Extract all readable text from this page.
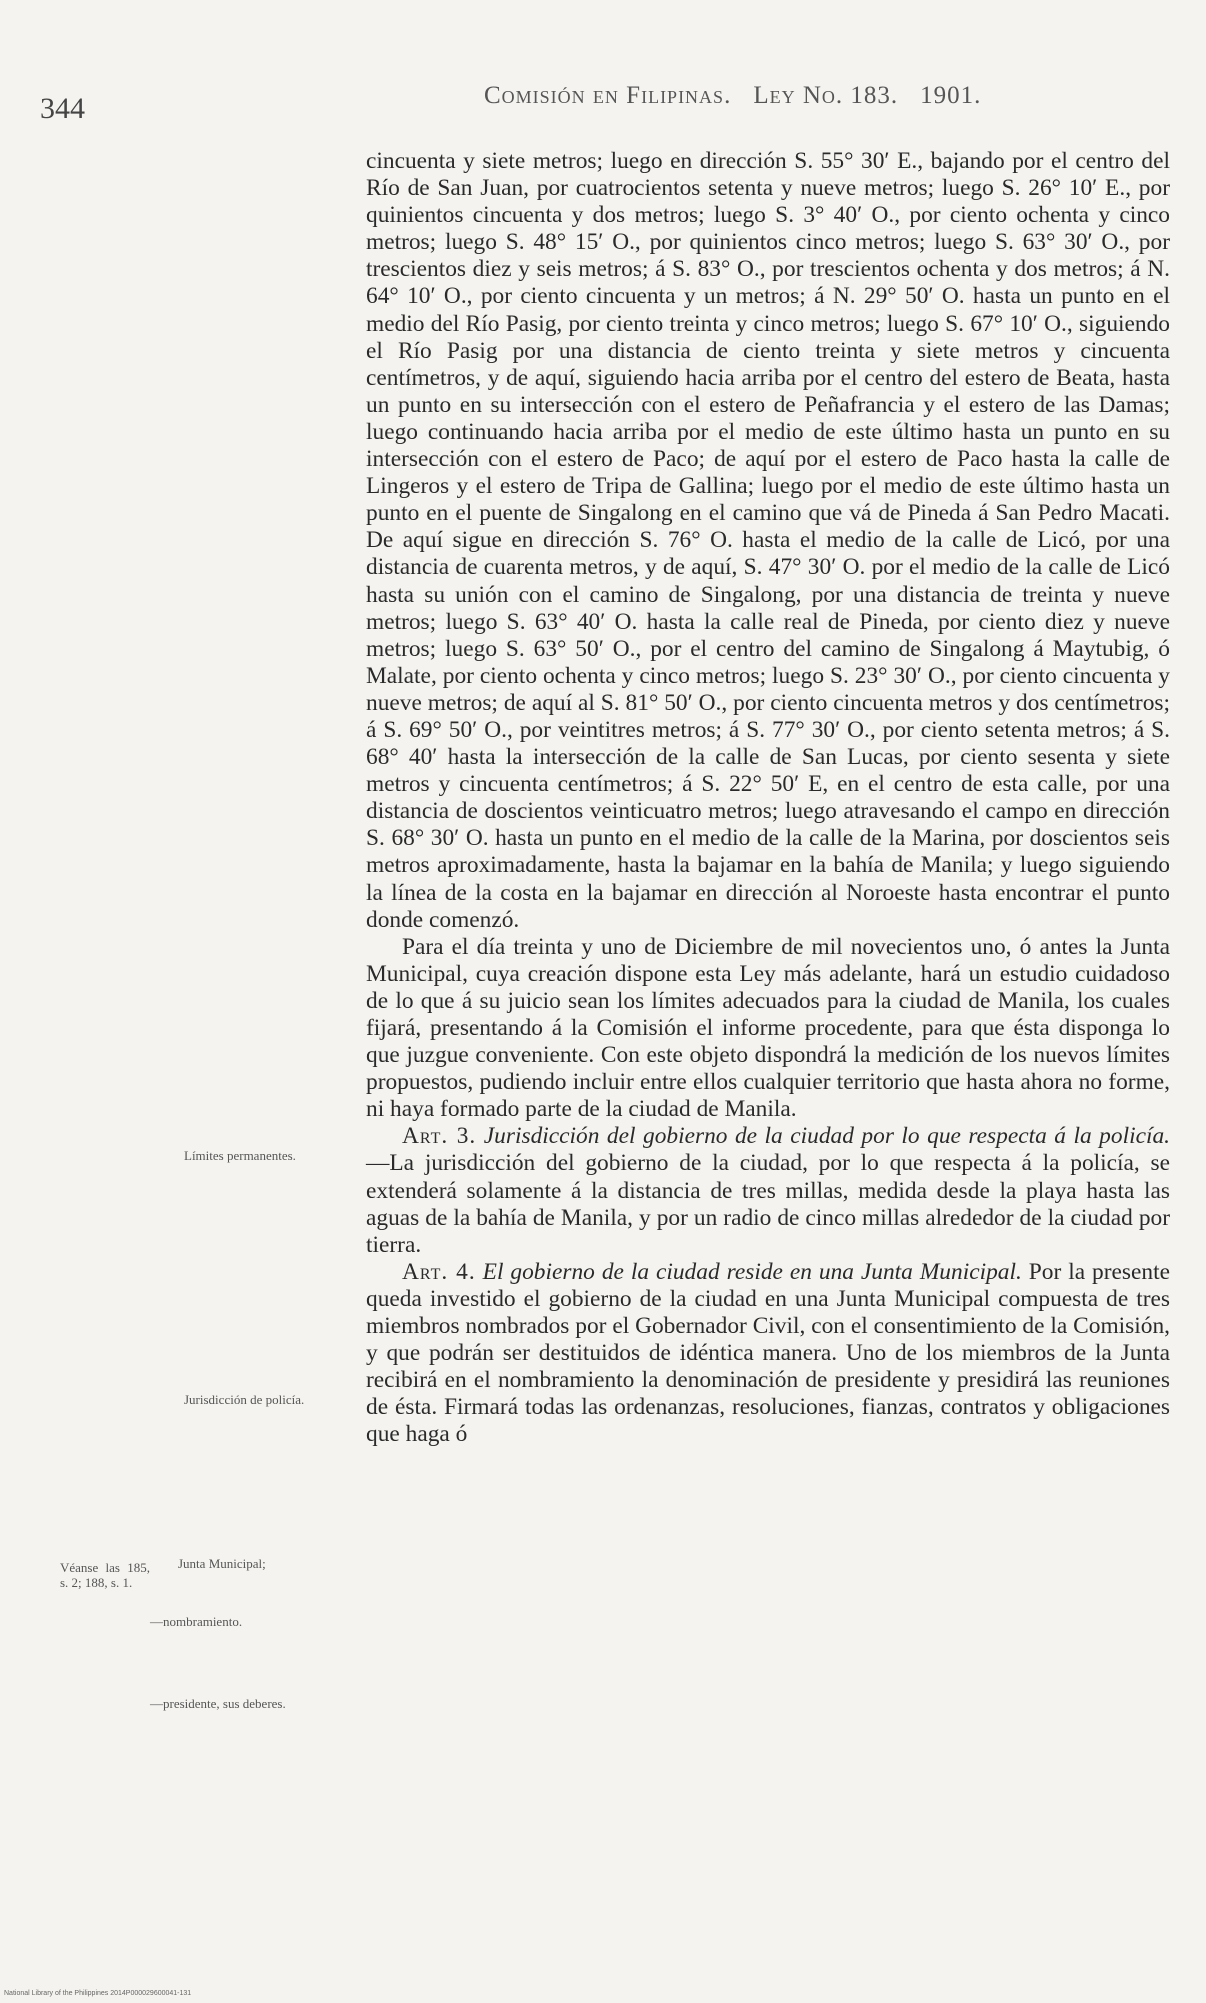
344	Comisión en Filipinas. Ley No. 183. 1901.

cincuenta y siete metros; luego en dirección S. 55° 30′ E., bajando por el centro del Río de San Juan, por cuatrocientos setenta y nueve metros; luego S. 26° 10′ E., por quinientos cincuenta y dos metros; luego S. 3° 40′ O., por ciento ochenta y cinco metros; luego S. 48° 15′ O., por quinientos cinco metros; luego S. 63° 30′ O., por trescientos diez y seis metros; á S. 83° O., por trescientos ochenta y dos metros; á N. 64° 10′ O., por ciento cincuenta y un metros; á N. 29° 50′ O. hasta un punto en el medio del Río Pasig, por ciento treinta y cinco metros; luego S. 67° 10′ O., siguiendo el Río Pasig por una distancia de ciento treinta y siete metros y cincuenta centímetros, y de aquí, siguiendo hacia arriba por el centro del estero de Beata, hasta un punto en su intersección con el estero de Peñafrancia y el estero de las Damas; luego continuando hacia arriba por el medio de este último hasta un punto en su intersección con el estero de Paco; de aquí por el estero de Paco hasta la calle de Lingeros y el estero de Tripa de Gallina; luego por el medio de este último hasta un punto en el puente de Singalong en el camino que vá de Pineda á San Pedro Macati. De aquí sigue en dirección S. 76° O. hasta el medio de la calle de Licó, por una distancia de cuarenta metros, y de aquí, S. 47° 30′ O. por el medio de la calle de Licó hasta su unión con el camino de Singalong, por una distancia de treinta y nueve metros; luego S. 63° 40′ O. hasta la calle real de Pineda, por ciento diez y nueve metros; luego S. 63° 50′ O., por el centro del camino de Singalong á Maytubig, ó Malate, por ciento ochenta y cinco metros; luego S. 23° 30′ O., por ciento cincuenta y nueve metros; de aquí al S. 81° 50′ O., por ciento cincuenta metros y dos centímetros; á S. 69° 50′ O., por veintitres metros; á S. 77° 30′ O., por ciento setenta metros; á S. 68° 40′ hasta la intersección de la calle de San Lucas, por ciento sesenta y siete metros y cincuenta centímetros; á S. 22° 50′ E, en el centro de esta calle, por una distancia de doscientos veinticuatro metros; luego atravesando el campo en dirección S. 68° 30′ O. hasta un punto en el medio de la calle de la Marina, por doscientos seis metros aproximadamente, hasta la bajamar en la bahía de Manila; y luego siguiendo la línea de la costa en la bajamar en dirección al Noroeste hasta encontrar el punto donde comenzó.

Para el día treinta y uno de Diciembre de mil novecientos uno, ó antes la Junta Municipal, cuya creación dispone esta Ley más adelante, hará un estudio cuidadoso de lo que á su juicio sean los límites adecuados para la ciudad de Manila, los cuales fijará, presentando á la Comisión el informe procedente, para que ésta disponga lo que juzgue conveniente. Con este objeto dispondrá la medición de los nuevos límites propuestos, pudiendo incluir entre ellos cualquier territorio que hasta ahora no forme, ni haya formado parte de la ciudad de Manila.

Art. 3. Jurisdicción del gobierno de la ciudad por lo que respecta á la policía.—La jurisdicción del gobierno de la ciudad, por lo que respecta á la policía, se extenderá solamente á la distancia de tres millas, medida desde la playa hasta las aguas de la bahía de Manila, y por un radio de cinco millas alrededor de la ciudad por tierra.

Art. 4. El gobierno de la ciudad reside en una Junta Municipal. Por la presente queda investido el gobierno de la ciudad en una Junta Municipal compuesta de tres miembros nombrados por el Gobernador Civil, con el consentimiento de la Comisión, y que podrán ser destituidos de idéntica manera. Uno de los miembros de la Junta recibirá en el nombramiento la denominación de presidente y presidirá las reuniones de ésta. Firmará todas las ordenanzas, resoluciones, fianzas, contratos y obligaciones que haga ó

Límites permanentes.
Jurisdicción de policía.
Véanse las 185, s. 2; 188, s. 1.
Junta Municipal;
—nombramiento.
—presidente, sus deberes.
National Library of the Philippines 2014P000029600041-131
